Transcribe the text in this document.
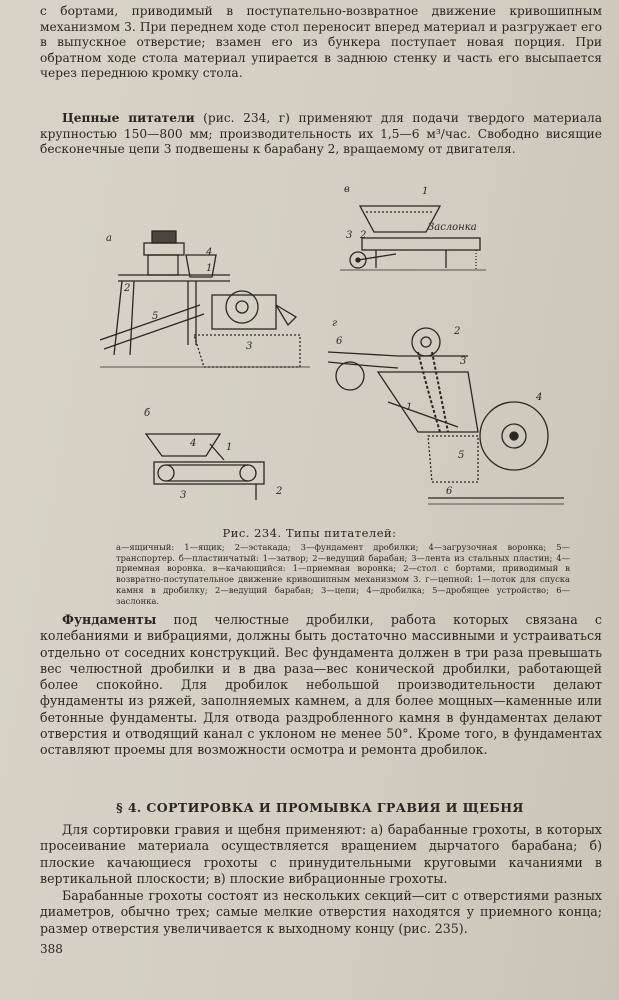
с бортами, приводимый в поступательно-возвратное движение кривошипным механизмом 3. При переднем ходе стол переносит вперед материал и разгружает его в выпускное отверстие; взамен его из бункера поступает новая порция. При обратном ходе стола материал упирается в заднюю стенку и часть его высыпается через переднюю кромку стола.

Цепные питатели (рис. 234, г) применяют для подачи твердого материала крупностью 150—800 мм; производительность их 1,5—6 м³/час. Свободно висящие бесконечные цепи 3 подвешены к барабану 2, вращаемому от двигателя.

а
4
1
2
5
3
в	1
Заслонка
3 2
г
6
2
3
1
4
5
6
б
4	1
3	2
Рис. 234. Типы питателей:
а—ящичный: 1—ящик; 2—эстакада; 3—фундамент дробилки; 4—загрузочная воронка; 5—транспортер. б—пластинчатый: 1—затвор; 2—ведущий барабан; 3—лента из стальных пластин; 4—приемная воронка. в—качающийся: 1—приемная воронка; 2—стол с бортами, приводимый в возвратно-поступательное движение кривошипным механизмом 3. г—цепной: 1—лоток для спуска камня в дробилку; 2—ведущий барабан; 3—цепи; 4—дробилка; 5—дробящее устройство; 6—заслонка.

Фундаменты под челюстные дробилки, работа которых связана с колебаниями и вибрациями, должны быть достаточно массивными и устраиваться отдельно от соседних конструкций. Вес фундамента должен в три раза превышать вес челюстной дробилки и в два раза—вес конической дробилки, работающей более спокойно. Для дробилок небольшой производительности делают фундаменты из ряжей, заполняемых камнем, а для более мощных—каменные или бетонные фундаменты. Для отвода раздробленного камня в фундаментах делают отверстия и отводящий канал с уклоном не менее 50°. Кроме того, в фундаментах оставляют проемы для возможности осмотра и ремонта дробилок.

§ 4. СОРТИРОВКА И ПРОМЫВКА ГРАВИЯ И ЩЕБНЯ

Для сортировки гравия и щебня применяют: а) барабанные грохоты, в которых просеивание материала осуществляется вращением дырчатого барабана; б) плоские качающиеся грохоты с принудительными круговыми качаниями в вертикальной плоскости; в) плоские вибрационные грохоты.

Барабанные грохоты состоят из нескольких секций—сит с отверстиями разных диаметров, обычно трех; самые мелкие отверстия находятся у приемного конца; размер отверстия увеличивается к выходному концу (рис. 235).

388
